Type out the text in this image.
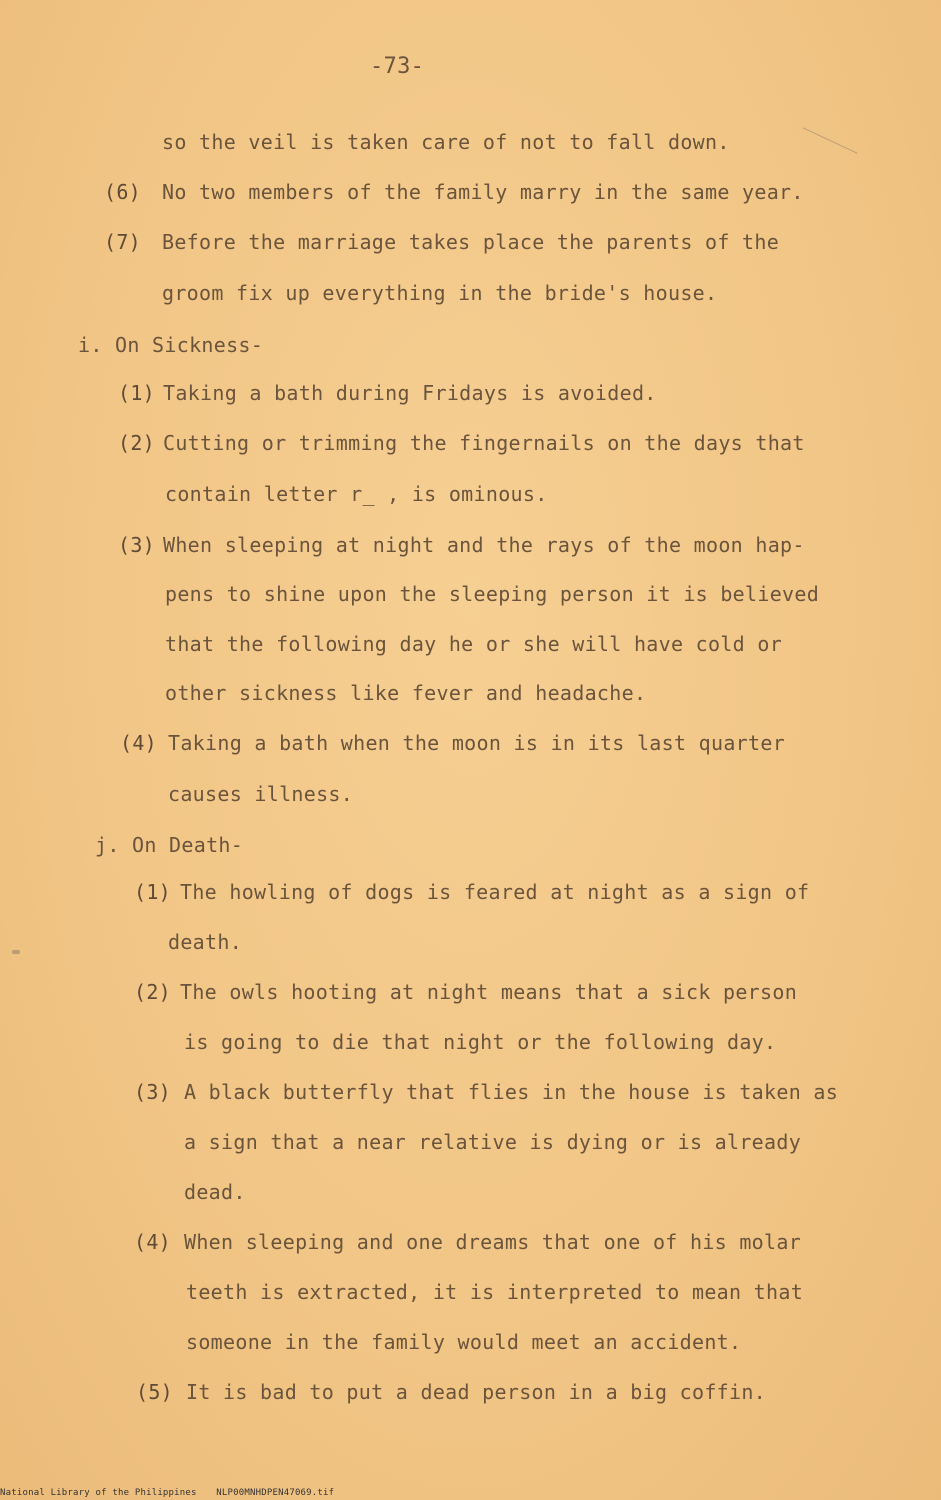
-73-
so the veil is taken care of not to fall down.
(6) No two members of the family marry in the same year.
(7) Before the marriage takes place the parents of the
groom fix up everything in the bride's house.
i. On Sickness-
(1) Taking a bath during Fridays is avoided.
(2) Cutting or trimming the fingernails on the days that
contain letter r_ , is ominous.
(3) When sleeping at night and the rays of the moon hap-
pens to shine upon the sleeping person it is believed
that the following day he or she will have cold or
other sickness like fever and headache.
(4) Taking a bath when the moon is in its last quarter
causes illness.
j. On Death-
(1) The howling of dogs is feared at night as a sign of
death.
(2) The owls hooting at night means that a sick person
is going to die that night or the following day.
(3) A black butterfly that flies in the house is taken as
a sign that a near relative is dying or is already
dead.
(4) When sleeping and one dreams that one of his molar
teeth is extracted, it is interpreted to mean that
someone in the family would meet an accident.
(5) It is bad to put a dead person in a big coffin.
National Library of the Philippines NLP00MNHDPEN47069.tif
